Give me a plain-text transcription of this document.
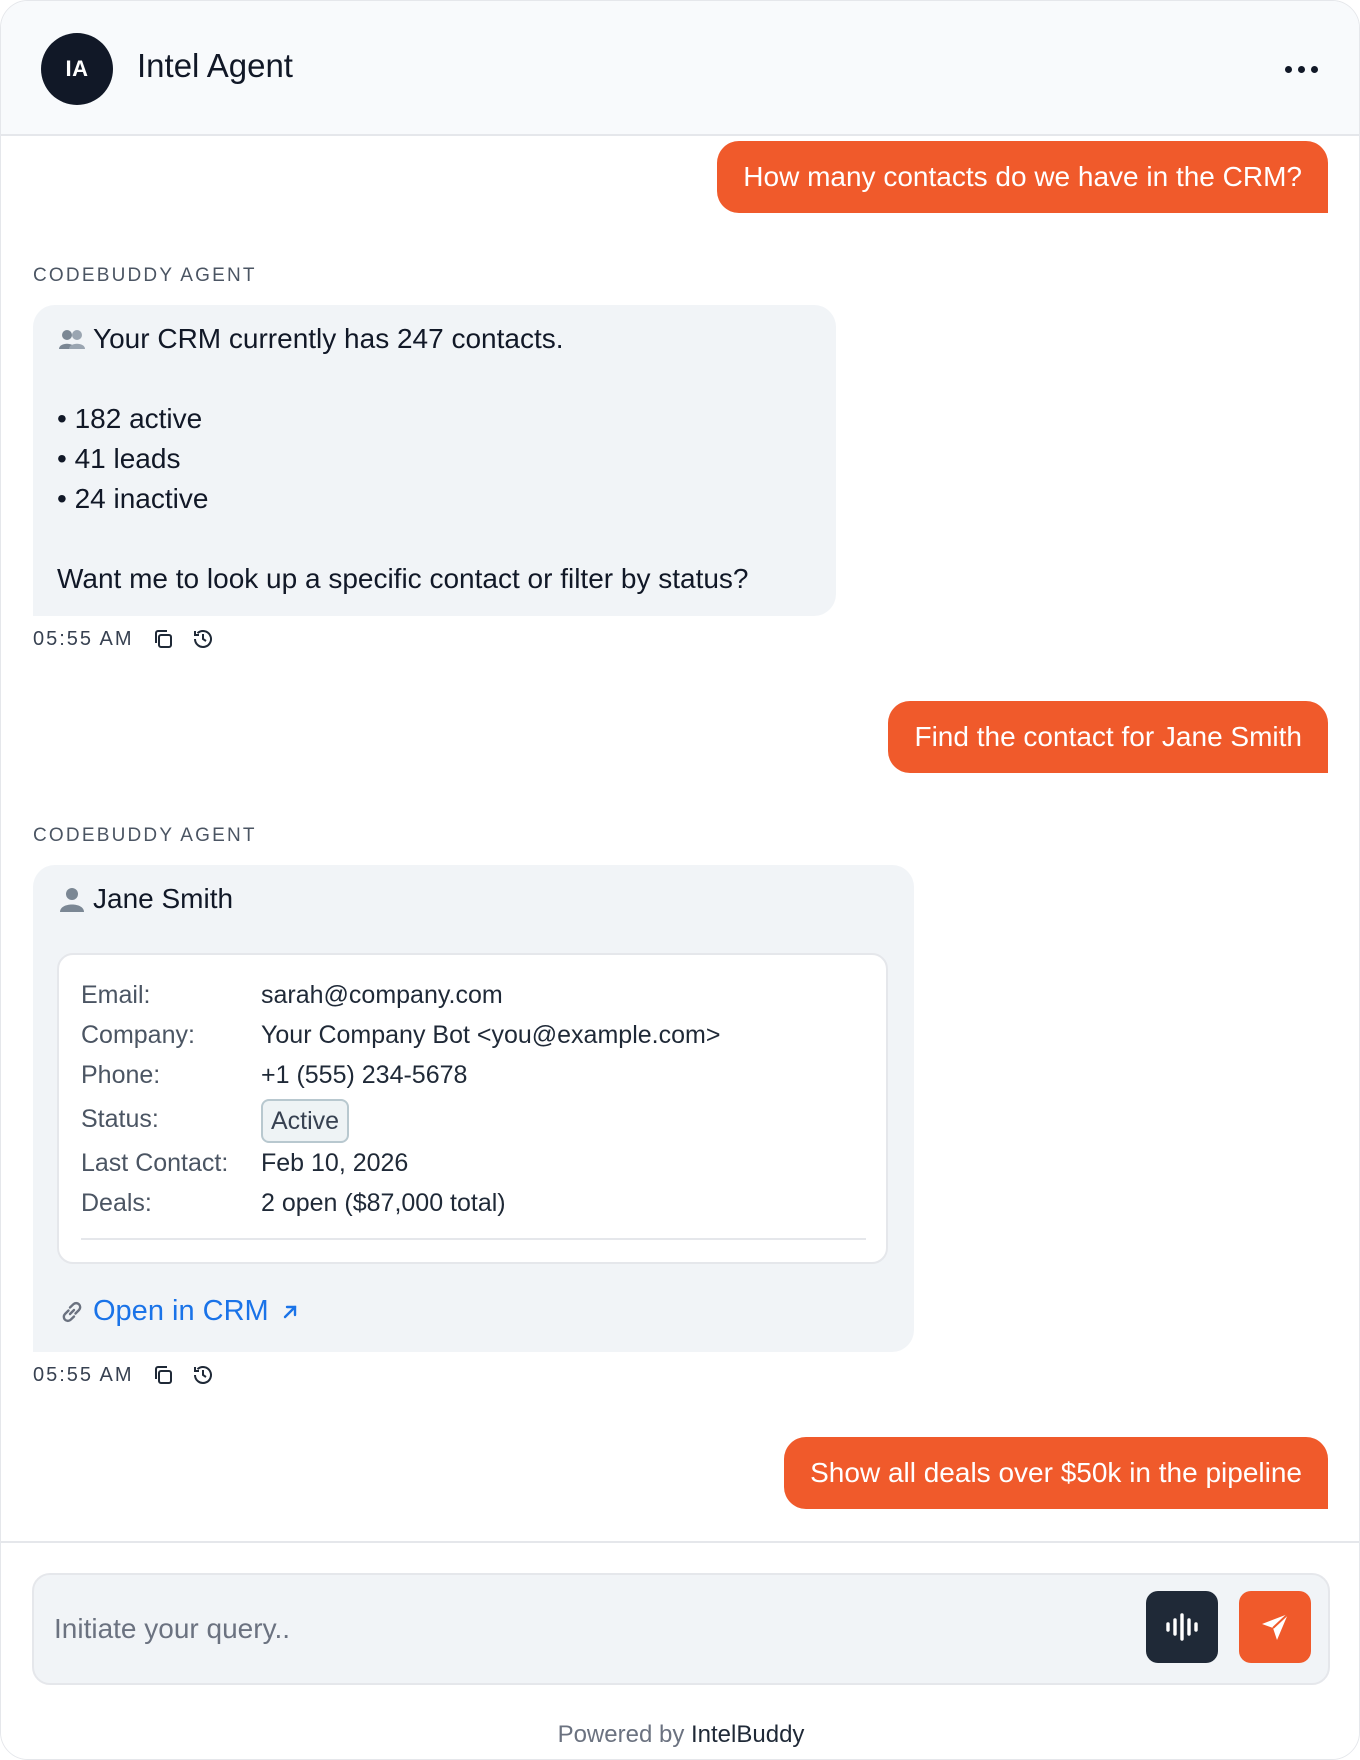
IA	Intel Agent
How many contacts do we have in the CRM?
CODEBUDDY AGENT
Your CRM currently has 247 contacts.
• 182 active
• 41 leads
• 24 inactive
Want me to look up a specific contact or filter by status?
05:55 AM
Find the contact for Jane Smith
CODEBUDDY AGENT
Jane Smith
Email:	sarah@company.com
Company:	Your Company Bot <you@example.com>
Phone:	+1 (555) 234-5678
Status:	Active
Last Contact: Feb 10, 2026
Deals:	2 open ($87,000 total)
Open in CRM
05:55 AM
Show all deals over $50k in the pipeline
Initiate your query..
Powered by IntelBuddy
